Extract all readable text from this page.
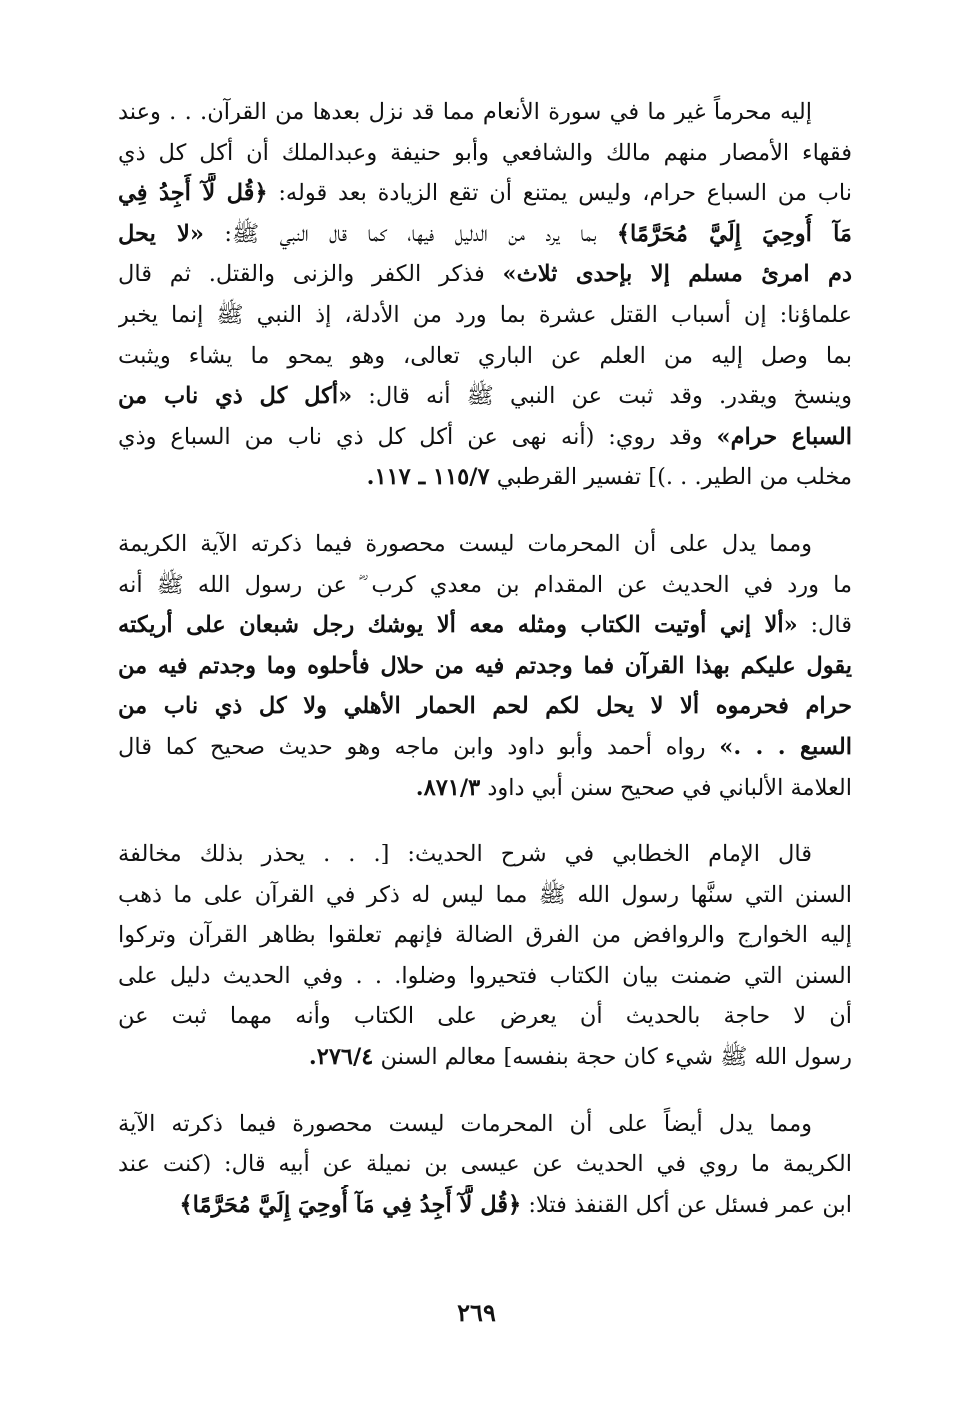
إليه محرماً غير ما في سورة الأنعام مما قد نزل بعدها من القرآن. . . وعند
فقهاء الأمصار منهم مالك والشافعي وأبو حنيفة وعبدالملك أن أكل كل ذي
ناب من السباع حرام، وليس يمتنع أن تقع الزيادة بعد قوله: ﴿قُل لَّآ أَجِدُ فِي
مَآ أُوحِيَ إِلَيَّ مُحَرَّمًا﴾ بما يرد من الدليل فيها، كما قال النبي ﷺ: «لا يحل
دم امرئ مسلم إلا بإحدى ثلاث» فذكر الكفر والزنى والقتل. ثم قال
علماؤنا: إن أسباب القتل عشرة بما ورد من الأدلة، إذ النبي ﷺ إنما يخبر
بما وصل إليه من العلم عن الباري تعالى، وهو يمحو ما يشاء ويثبت
وينسخ ويقدر. وقد ثبت عن النبي ﷺ أنه قال: «أكل كل ذي ناب من
السباع حرام» وقد روي: (أنه نهى عن أكل كل ذي ناب من السباع وذي
مخلب من الطير. . .)] تفسير القرطبي ١١٥/٧ ـ ١١٧.
ومما يدل على أن المحرمات ليست محصورة فيما ذكرته الآية الكريمة
ما ورد في الحديث عن المقدام بن معدي كرب ؓ عن رسول الله ﷺ أنه
قال: «ألا إني أوتيت الكتاب ومثله معه ألا يوشك رجل شبعان على أريكته
يقول عليكم بهذا القرآن فما وجدتم فيه من حلال فأحلوه وما وجدتم فيه من
حرام فحرموه ألا لا يحل لكم لحم الحمار الأهلي ولا كل ذي ناب من
السبع . . .» رواه أحمد وأبو داود وابن ماجه وهو حديث صحيح كما قال
العلامة الألباني في صحيح سنن أبي داود ٨٧١/٣.
قال الإمام الخطابي في شرح الحديث: [. . . يحذر بذلك مخالفة
السنن التي سنَّها رسول الله ﷺ مما ليس له ذكر في القرآن على ما ذهب
إليه الخوارج والروافض من الفرق الضالة فإنهم تعلقوا بظاهر القرآن وتركوا
السنن التي ضمنت بيان الكتاب فتحيروا وضلوا. . . وفي الحديث دليل على
أن لا حاجة بالحديث أن يعرض على الكتاب وأنه مهما ثبت عن
رسول الله ﷺ شيء كان حجة بنفسه] معالم السنن ٢٧٦/٤.
ومما يدل أيضاً على أن المحرمات ليست محصورة فيما ذكرته الآية
الكريمة ما روي في الحديث عن عيسى بن نميلة عن أبيه قال: (كنت عند
ابن عمر فسئل عن أكل القنفذ فتلا: ﴿قُل لَّآ أَجِدُ فِي مَآ أُوحِيَ إِلَيَّ مُحَرَّمًا﴾
٢٦٩
